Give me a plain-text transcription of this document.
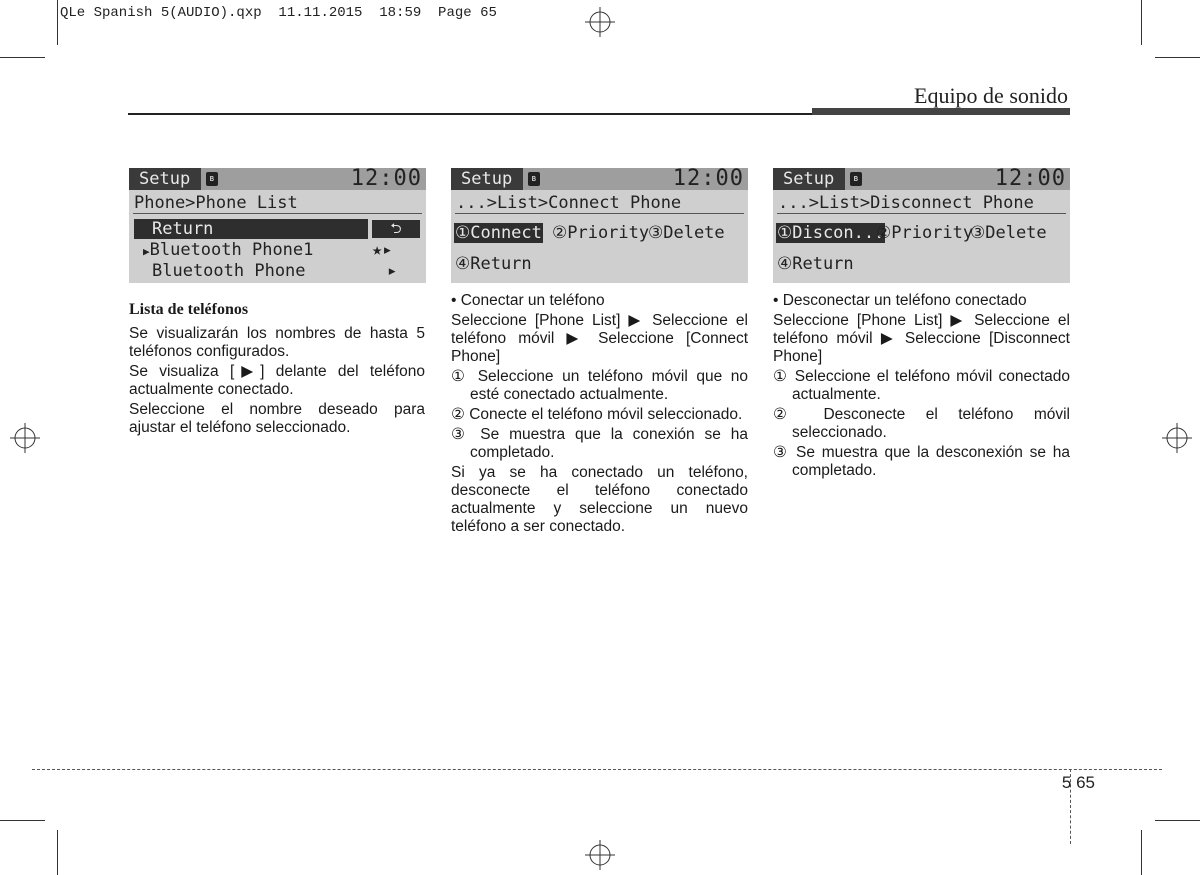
QLe Spanish 5(AUDIO).qxp  11.11.2015  18:59  Page 65
Equipo de sonido
Setup	ʙ	12:00
Phone>Phone List
Return	⮌
▶Bluetooth Phone1	★▸
Bluetooth Phone	▸
Setup	ʙ	12:00
...>List>Connect Phone
①Connect ②Priority
③Delete
④Return
Setup	ʙ	12:00
...>List>Disconnect Phone
①Discon...
②Priority
③Delete
④Return

Lista de teléfonos

Se visualizarán los nombres de hasta 5 teléfonos configurados.

Se visualiza [▶] delante del teléfono actualmente conectado.

Seleccione el nombre deseado para ajustar el teléfono seleccionado.

• Conectar un teléfono

Seleccione [Phone List] ▶ Seleccione el teléfono móvil ▶ Seleccione [Connect Phone]

① Seleccione un teléfono móvil que no esté conectado actualmente.

② Conecte el teléfono móvil seleccionado.

③ Se muestra que la conexión se ha completado.

Si ya se ha conectado un teléfono, desconecte el teléfono conectado actualmente y seleccione un nuevo teléfono a ser conectado.

• Desconectar un teléfono conectado

Seleccione [Phone List] ▶ Seleccione el teléfono móvil ▶ Seleccione [Disconnect Phone]

① Seleccione el teléfono móvil conectado actualmente.

② Desconecte el teléfono móvil seleccionado.

③ Se muestra que la desconexión se ha completado.

5 65
